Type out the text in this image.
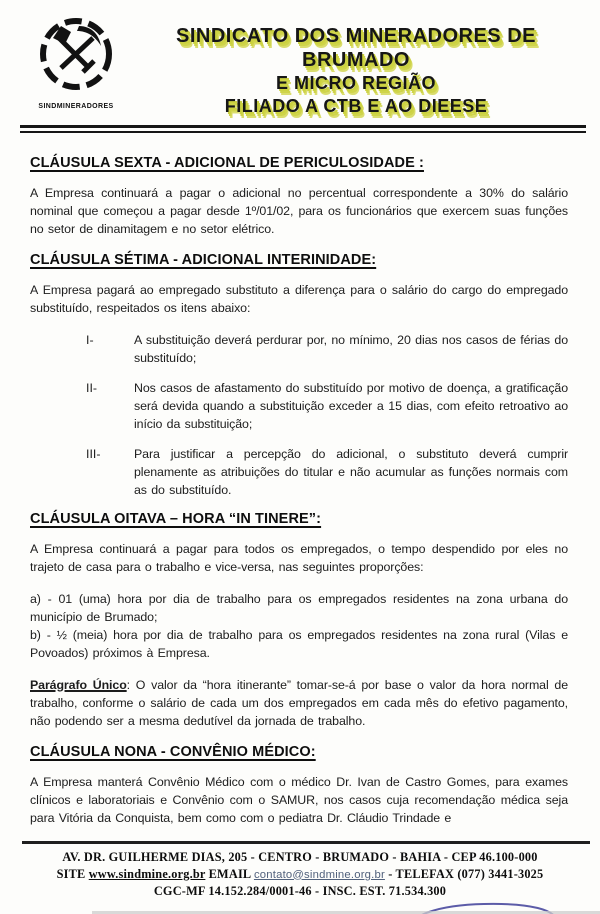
SINDMINERADORES
SINDICATO DOS MINERADORES DE BRUMADO
E MICRO REGIÃO
FILIADO A CTB E AO DIEESE
CLÁUSULA SEXTA - ADICIONAL DE PERICULOSIDADE :

A Empresa continuará a pagar o adicional no percentual correspondente a 30% do salário nominal que começou a pagar desde 1º/01/02, para os funcionários que exercem suas funções no setor de dinamitagem e no setor elétrico.

CLÁUSULA SÉTIMA - ADICIONAL INTERINIDADE:

A Empresa pagará ao empregado substituto a diferença para o salário do cargo do empregado substituído, respeitados os itens abaixo:

I-	A substituição deverá perdurar por, no mínimo, 20 dias nos casos de férias do substituído;
II-	Nos casos de afastamento do substituído por motivo de doença, a gratificação será devida quando a substituição exceder a 15 dias, com efeito retroativo ao início da substituição;
III-	Para justificar a percepção do adicional, o substituto deverá cumprir plenamente as atribuições do titular e não acumular as funções normais com as do substituído.
CLÁUSULA OITAVA – HORA “IN TINERE”:

A Empresa continuará a pagar para todos os empregados, o tempo despendido por eles no trajeto de casa para o trabalho e vice-versa, nas seguintes proporções:

a) - 01 (uma) hora por dia de trabalho para os empregados residentes na zona urbana do município de Brumado;

b) - ½ (meia) hora por dia de trabalho para os empregados residentes na zona rural (Vilas e Povoados) próximos à Empresa.

Parágrafo Único: O valor da “hora itinerante” tomar-se-á por base o valor da hora normal de trabalho, conforme o salário de cada um dos empregados em cada mês do efetivo pagamento, não podendo ser a mesma dedutível da jornada de trabalho.

CLÁUSULA NONA - CONVÊNIO MÉDICO:

A Empresa manterá Convênio Médico com o médico Dr. Ivan de Castro Gomes, para exames clínicos e laboratoriais e Convênio com o SAMUR, nos casos cuja recomendação médica seja para Vitória da Conquista, bem como com o pediatra Dr. Cláudio Trindade e

AV. DR. GUILHERME DIAS, 205 - CENTRO - BRUMADO - BAHIA - CEP 46.100-000
SITE www.sindmine.org.br EMAIL contato@sindmine.org.br - TELEFAX (077) 3441-3025
CGC-MF 14.152.284/0001-46 - INSC. EST. 71.534.300
